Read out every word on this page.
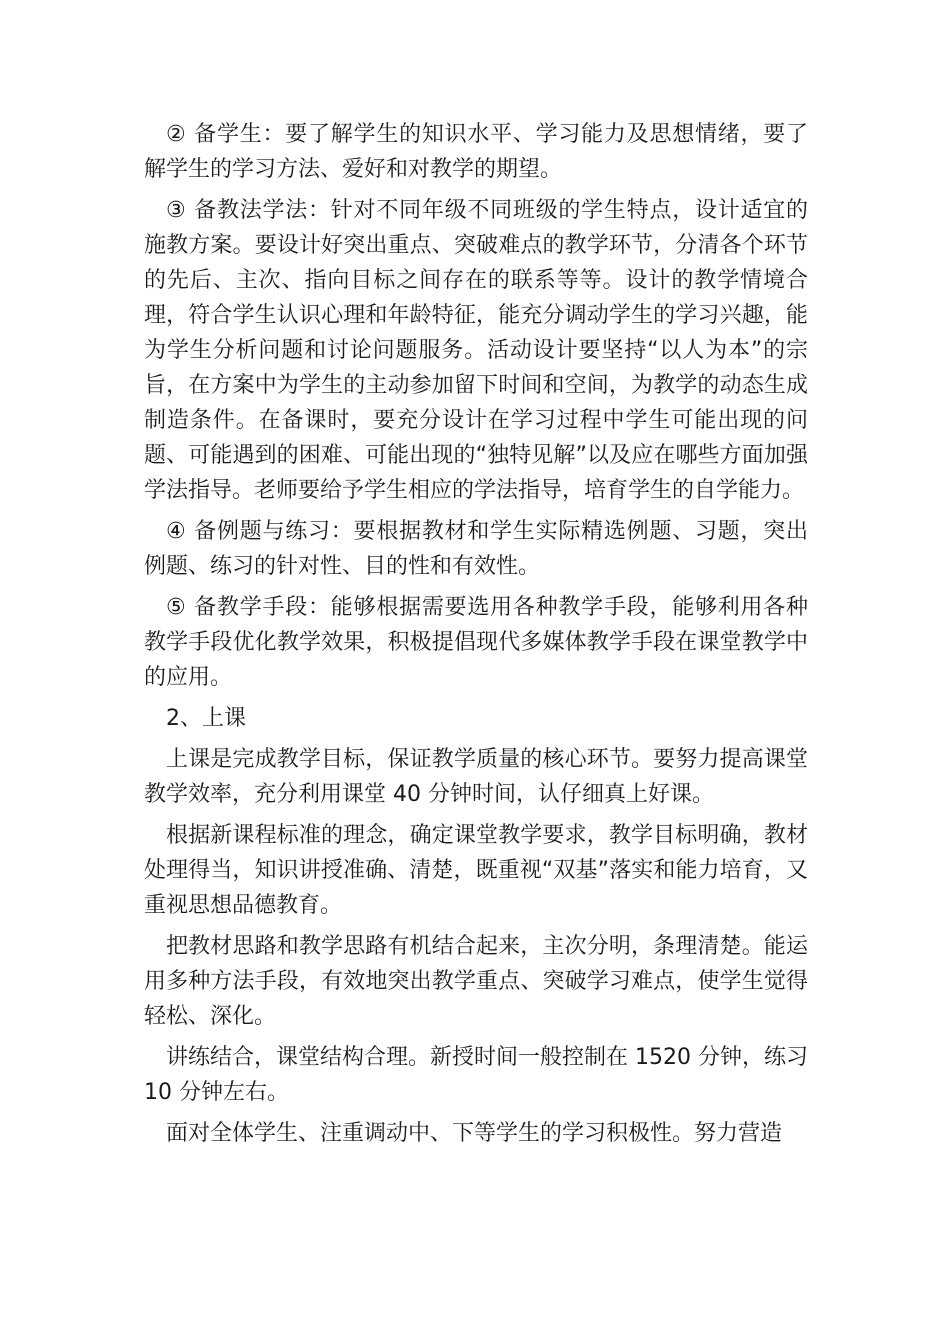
② 备学生：要了解学生的知识水平、学习能力及思想情绪，要了解学生的学习方法、爱好和对教学的期望。

③ 备教法学法：针对不同年级不同班级的学生特点，设计适宜的施教方案。要设计好突出重点、突破难点的教学环节，分清各个环节的先后、主次、指向目标之间存在的联系等等。设计的教学情境合理，符合学生认识心理和年龄特征，能充分调动学生的学习兴趣，能为学生分析问题和讨论问题服务。活动设计要坚持“以人为本”的宗旨，在方案中为学生的主动参加留下时间和空间，为教学的动态生成制造条件。在备课时，要充分设计在学习过程中学生可能出现的问题、可能遇到的困难、可能出现的“独特见解”以及应在哪些方面加强学法指导。老师要给予学生相应的学法指导，培育学生的自学能力。

④ 备例题与练习：要根据教材和学生实际精选例题、习题，突出例题、练习的针对性、目的性和有效性。

⑤ 备教学手段：能够根据需要选用各种教学手段，能够利用各种教学手段优化教学效果，积极提倡现代多媒体教学手段在课堂教学中的应用。

2、上课

上课是完成教学目标，保证教学质量的核心环节。要努力提高课堂教学效率，充分利用课堂 40 分钟时间，认仔细真上好课。

根据新课程标准的理念，确定课堂教学要求，教学目标明确，教材处理得当，知识讲授准确、清楚，既重视“双基”落实和能力培育，又重视思想品德教育。

把教材思路和教学思路有机结合起来，主次分明，条理清楚。能运用多种方法手段，有效地突出教学重点、突破学习难点，使学生觉得轻松、深化。

讲练结合，课堂结构合理。新授时间一般控制在 1520 分钟，练习 10 分钟左右。

面对全体学生、注重调动中、下等学生的学习积极性。努力营造
